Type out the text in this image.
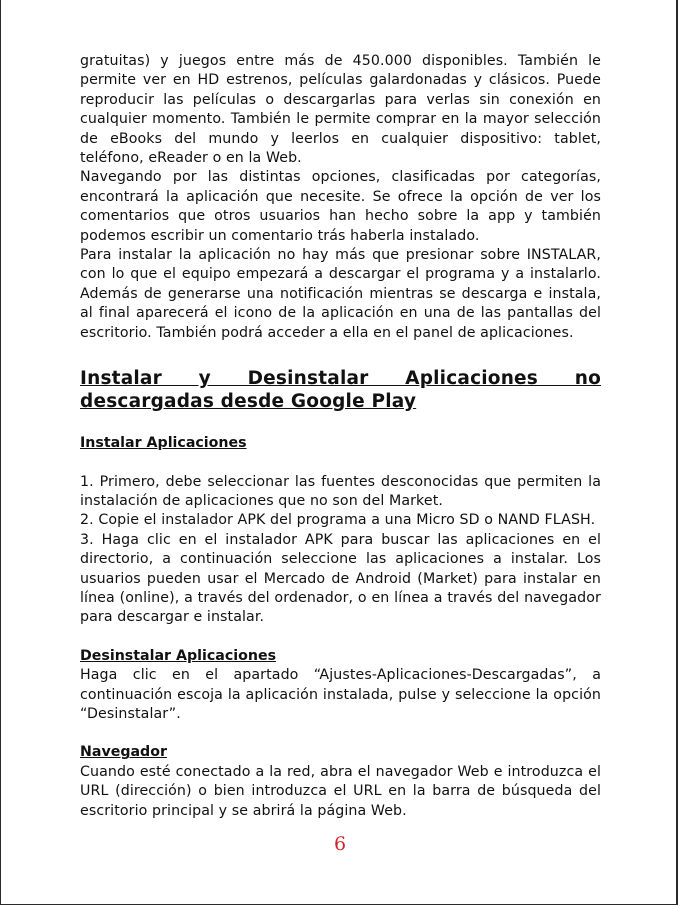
gratuitas) y juegos entre más de 450.000 disponibles. También le permite ver en HD estrenos, películas galardonadas y clásicos. Puede reproducir las películas o descargarlas para verlas sin conexión en cualquier momento. También le permite comprar en la mayor selección de eBooks del mundo y leerlos en cualquier dispositivo: tablet, teléfono, eReader o en la Web.

Navegando por las distintas opciones, clasificadas por categorías, encontrará la aplicación que necesite. Se ofrece la opción de ver los comentarios que otros usuarios han hecho sobre la app y también podemos escribir un comentario trás haberla instalado.

Para instalar la aplicación no hay más que presionar sobre INSTALAR, con lo que el equipo empezará a descargar el programa y a instalarlo. Además de generarse una notificación mientras se descarga e instala, al final aparecerá el icono de la aplicación en una de las pantallas del escritorio. También podrá acceder a ella en el panel de aplicaciones.

Instalar y Desinstalar Aplicaciones no descargadas desde Google Play
Instalar Aplicaciones

1. Primero, debe seleccionar las fuentes desconocidas que permiten la instalación de aplicaciones que no son del Market.

2. Copie el instalador APK del programa a una Micro SD o NAND FLASH.

3. Haga clic en el instalador APK para buscar las aplicaciones en el directorio, a continuación seleccione las aplicaciones a instalar. Los usuarios pueden usar el Mercado de Android (Market) para instalar en línea (online), a través del ordenador, o en línea a través del navegador para descargar e instalar.

Desinstalar Aplicaciones

Haga clic en el apartado “Ajustes-Aplicaciones-Descargadas”, a continuación escoja la aplicación instalada, pulse y seleccione la opción “Desinstalar”.

Navegador

Cuando esté conectado a la red, abra el navegador Web e introduzca el URL (dirección) o bien introduzca el URL en la barra de búsqueda del escritorio principal y se abrirá la página Web.

6
